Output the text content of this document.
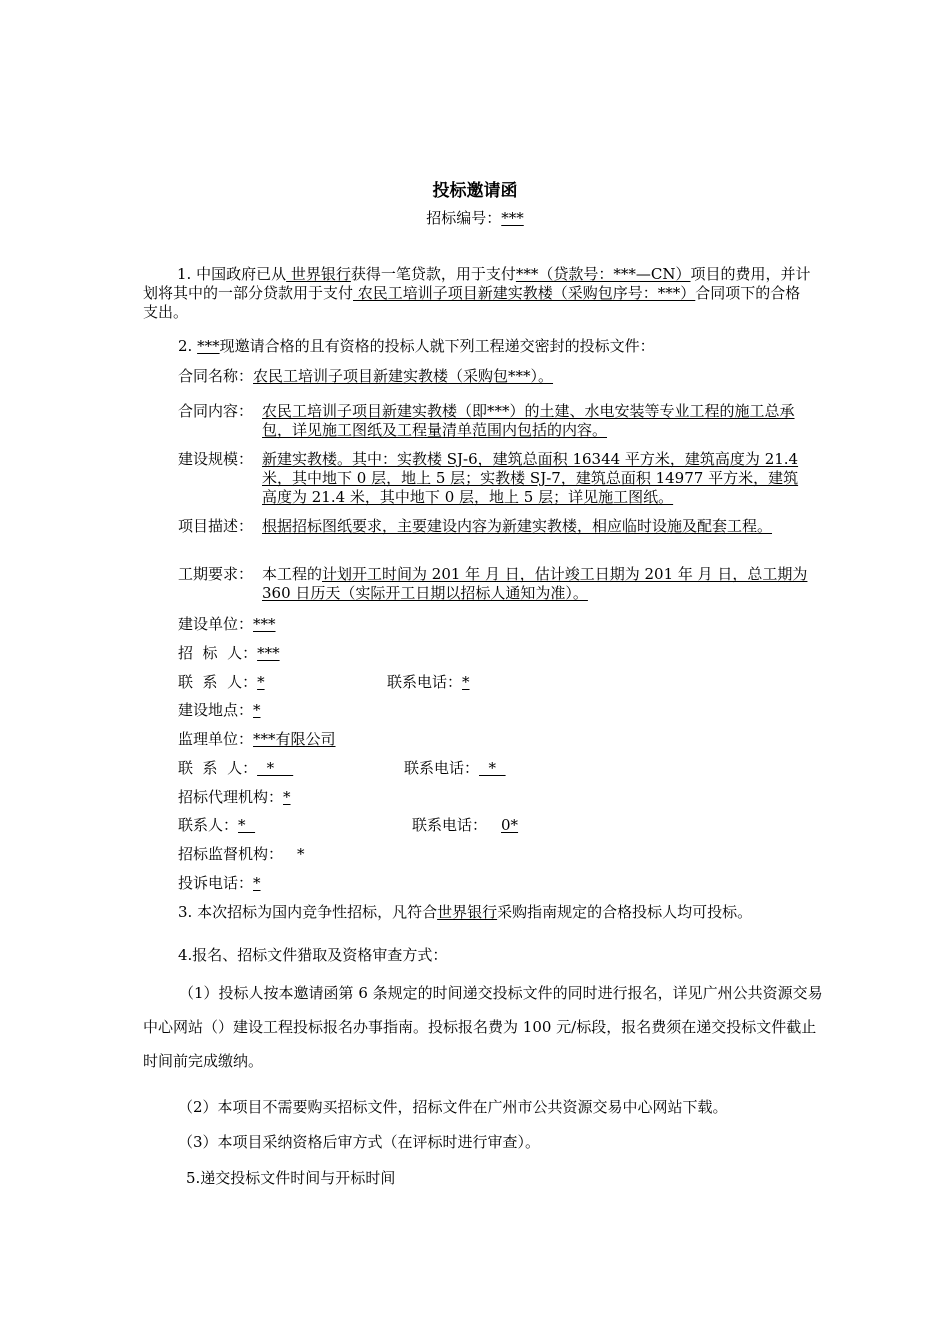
投标邀请函
招标编号：***
1. 中国政府已从 世界银行获得一笔贷款，用于支付***（贷款号：***—CN）项目的费用，并计划将其中的一部分贷款用于支付 农民工培训子项目新建实教楼（采购包序号：***）合同项下的合格支出。
2. ***现邀请合格的且有资格的投标人就下列工程递交密封的投标文件：
合同名称：农民工培训子项目新建实教楼（采购包***）。
合同内容： 农民工培训子项目新建实教楼（即***）的土建、水电安装等专业工程的施工总承包，详见施工图纸及工程量清单范围内包括的内容。
建设规模： 新建实教楼。其中：实教楼 SJ-6，建筑总面积 16344 平方米，建筑高度为 21.4 米，其中地下 0 层，地上 5 层；实教楼 SJ-7，建筑总面积 14977 平方米，建筑高度为 21.4 米，其中地下 0 层，地上 5 层；详见施工图纸。
项目描述： 根据招标图纸要求，主要建设内容为新建实教楼，相应临时设施及配套工程。
工期要求： 本工程的计划开工时间为 201 年 月 日，估计竣工日期为 201 年 月 日，总工期为 360 日历天（实际开工日期以招标人通知为准）。
建设单位：***
招  标  人：***
联  系  人：*	联系电话：*
建设地点：*
监理单位：***有限公司
联  系  人：  *	联系电话：  *
招标代理机构：*
联系人：*	联系电话： 0*
招标监督机构： *
投诉电话：*
3. 本次招标为国内竞争性招标，凡符合世界银行采购指南规定的合格投标人均可投标。
4.报名、招标文件猎取及资格审查方式：
（1）投标人按本邀请函第 6 条规定的时间递交投标文件的同时进行报名，详见广州公共资源交易中心网站（）建设工程投标报名办事指南。投标报名费为 100 元/标段，报名费须在递交投标文件截止时间前完成缴纳。
（2）本项目不需要购买招标文件，招标文件在广州市公共资源交易中心网站下载。
（3）本项目采纳资格后审方式（在评标时进行审查）。
5.递交投标文件时间与开标时间
